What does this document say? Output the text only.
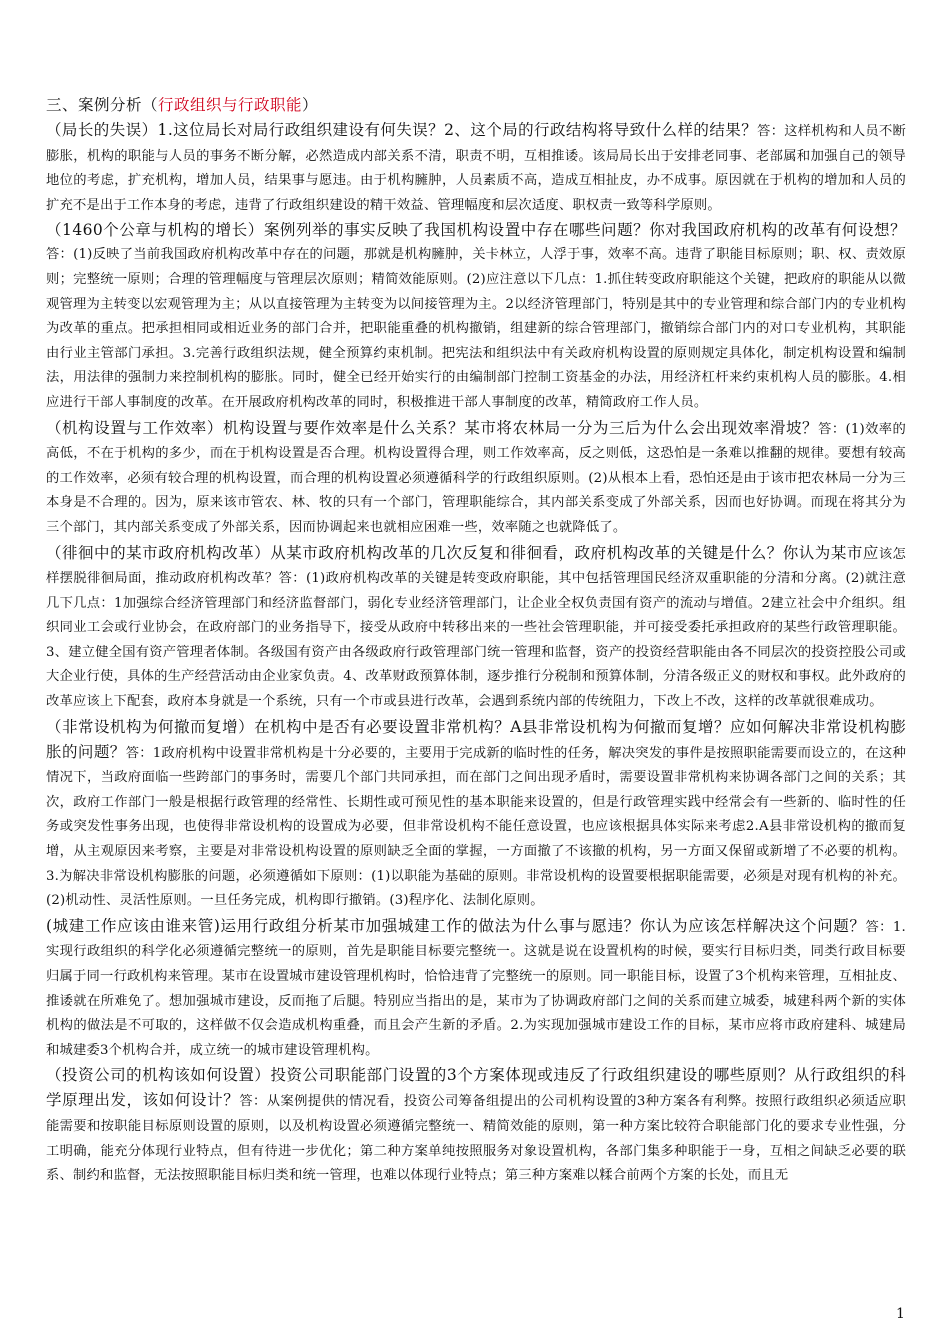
三、案例分析（行政组织与行政职能）

（局长的失误）1.这位局长对局行政组织建设有何失误？2、这个局的行政结构将导致什么样的结果？答：这样机构和人员不断膨胀，机构的职能与人员的事务不断分解，必然造成内部关系不清，职责不明，互相推诿。该局局长出于安排老同事、老部属和加强自己的领导地位的考虑，扩充机构，增加人员，结果事与愿违。由于机构臃肿，人员素质不高，造成互相扯皮，办不成事。原因就在于机构的增加和人员的扩充不是出于工作本身的考虑，违背了行政组织建设的精干效益、管理幅度和层次适度、职权责一致等科学原则。

（1460个公章与机构的增长）案例列举的事实反映了我国机构设置中存在哪些问题？你对我国政府机构的改革有何设想？答：(1)反映了当前我国政府机构改革中存在的问题，那就是机构臃肿，关卡林立，人浮于事，效率不高。违背了职能目标原则；职、权、责效原则；完整统一原则；合理的管理幅度与管理层次原则；精简效能原则。(2)应注意以下几点：1.抓住转变政府职能这个关键，把政府的职能从以微观管理为主转变以宏观管理为主；从以直接管理为主转变为以间接管理为主。2以经济管理部门，特别是其中的专业管理和综合部门内的专业机构为改革的重点。把承担相同或相近业务的部门合并，把职能重叠的机构撤销，组建新的综合管理部门，撤销综合部门内的对口专业机构，其职能由行业主管部门承担。3.完善行政组织法规，健全预算约束机制。把宪法和组织法中有关政府机构设置的原则规定具体化，制定机构设置和编制法，用法律的强制力来控制机构的膨胀。同时，健全已经开始实行的由编制部门控制工资基金的办法，用经济杠杆来约束机构人员的膨胀。4.相应进行干部人事制度的改革。在开展政府机构改革的同时，积极推进干部人事制度的改革，精简政府工作人员。

（机构设置与工作效率）机构设置与要作效率是什么关系？某市将农林局一分为三后为什么会出现效率滑坡？答：(1)效率的高低，不在于机构的多少，而在于机构设置是否合理。机构设置得合理，则工作效率高，反之则低，这恐怕是一条难以推翻的规律。要想有较高的工作效率，必须有较合理的机构设置，而合理的机构设置必须遵循科学的行政组织原则。(2)从根本上看，恐怕还是由于该市把农林局一分为三本身是不合理的。因为，原来该市管农、林、牧的只有一个部门，管理职能综合，其内部关系变成了外部关系，因而也好协调。而现在将其分为三个部门，其内部关系变成了外部关系，因而协调起来也就相应困难一些，效率随之也就降低了。

（徘徊中的某市政府机构改革）从某市政府机构改革的几次反复和徘徊看，政府机构改革的关键是什么？你认为某市应该怎样摆脱徘徊局面，推动政府机构改革？答：(1)政府机构改革的关键是转变政府职能，其中包括管理国民经济双重职能的分清和分离。(2)就注意几下几点：1加强综合经济管理部门和经济监督部门，弱化专业经济管理部门，让企业全权负责国有资产的流动与增值。2建立社会中介组织。组织同业工会或行业协会，在政府部门的业务指导下，接受从政府中转移出来的一些社会管理职能，并可接受委托承担政府的某些行政管理职能。3、建立健全国有资产管理者体制。各级国有资产由各级政府行政管理部门统一管理和监督，资产的投资经营职能由各不同层次的投资控股公司或大企业行使，具体的生产经营活动由企业家负责。4、改革财政预算体制，逐步推行分税制和预算体制，分清各级正义的财权和事权。此外政府的改革应该上下配套，政府本身就是一个系统，只有一个市或县进行改革，会遇到系统内部的传统阻力，下改上不改，这样的改革就很难成功。

（非常设机构为何撤而复增）在机构中是否有必要设置非常机构？A县非常设机构为何撤而复增？应如何解决非常设机构膨胀的问题？答：1政府机构中设置非常机构是十分必要的，主要用于完成新的临时性的任务，解决突发的事件是按照职能需要而设立的，在这种情况下，当政府面临一些跨部门的事务时，需要几个部门共同承担，而在部门之间出现矛盾时，需要设置非常机构来协调各部门之间的关系；其次，政府工作部门一般是根据行政管理的经常性、长期性或可预见性的基本职能来设置的，但是行政管理实践中经常会有一些新的、临时性的任务或突发性事务出现，也使得非常设机构的设置成为必要，但非常设机构不能任意设置，也应该根据具体实际来考虑2.A县非常设机构的撤而复增，从主观原因来考察，主要是对非常设机构设置的原则缺乏全面的掌握，一方面撤了不该撤的机构，另一方面又保留或新增了不必要的机构。3.为解决非常设机构膨胀的问题，必须遵循如下原则：(1)以职能为基础的原则。非常设机构的设置要根据职能需要，必须是对现有机构的补充。(2)机动性、灵活性原则。一旦任务完成，机构即行撤销。(3)程序化、法制化原则。

(城建工作应该由谁来管)运用行政组分析某市加强城建工作的做法为什么事与愿违？你认为应该怎样解决这个问题？答：1.实现行政组织的科学化必须遵循完整统一的原则，首先是职能目标要完整统一。这就是说在设置机构的时候，要实行目标归类，同类行政目标要归属于同一行政机构来管理。某市在设置城市建设管理机构时，恰恰违背了完整统一的原则。同一职能目标，设置了3个机构来管理，互相扯皮、推诿就在所难免了。想加强城市建设，反而拖了后腿。特别应当指出的是，某市为了协调政府部门之间的关系而建立城委，城建科两个新的实体机构的做法是不可取的，这样做不仅会造成机构重叠，而且会产生新的矛盾。2.为实现加强城市建设工作的目标，某市应将市政府建科、城建局和城建委3个机构合并，成立统一的城市建设管理机构。

（投资公司的机构该如何设置）投资公司职能部门设置的3个方案体现或违反了行政组织建设的哪些原则？从行政组织的科学原理出发，该如何设计？答：从案例提供的情况看，投资公司筹备组提出的公司机构设置的3种方案各有利弊。按照行政组织必须适应职能需要和按职能目标原则设置的原则，以及机构设置必须遵循完整统一、精简效能的原则，第一种方案比较符合职能部门化的要求专业性强，分工明确，能充分体现行业特点，但有待进一步优化；第二种方案单纯按照服务对象设置机构，各部门集多种职能于一身，互相之间缺乏必要的联系、制约和监督，无法按照职能目标归类和统一管理，也难以体现行业特点；第三种方案难以糅合前两个方案的长处，而且无

1
